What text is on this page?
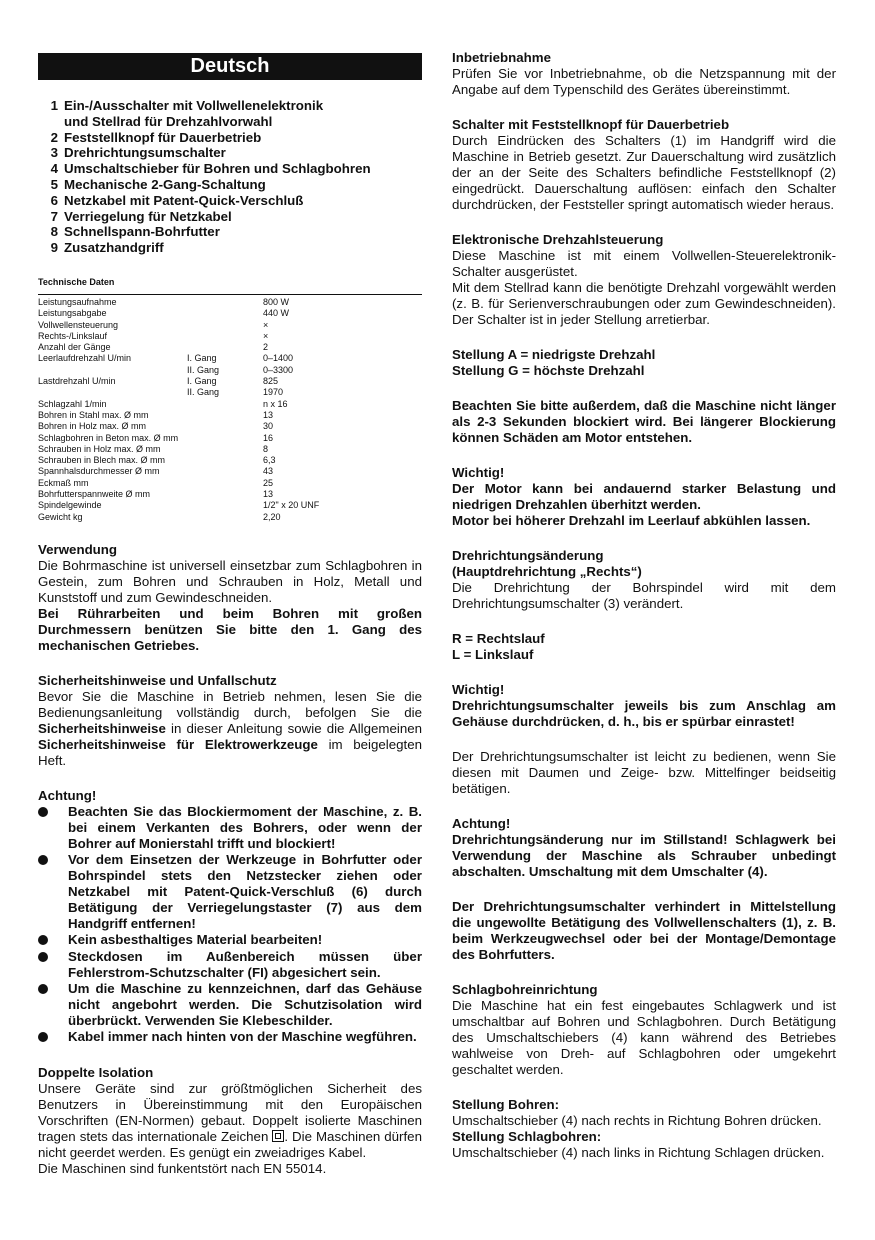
Deutsch
1 Ein-/Ausschalter mit Vollwellenelektronik
und Stellrad für Drehzahlvorwahl
2 Feststellknopf für Dauerbetrieb
3 Drehrichtungsumschalter
4 Umschaltschieber für Bohren und Schlagbohren
5 Mechanische 2-Gang-Schaltung
6 Netzkabel mit Patent-Quick-Verschluß
7 Verriegelung für Netzkabel
8 Schnellspann-Bohrfutter
9 Zusatzhandgriff
Technische Daten
Leistungsaufnahme		800 W
Leistungsabgabe		440 W
Vollwellensteuerung		×
Rechts-/Linkslauf		×
Anzahl der Gänge		2
Leerlaufdrehzahl U/min	I. Gang	0–1400
	II. Gang	0–3300
Lastdrehzahl U/min	I. Gang	825
	II. Gang	1970
Schlagzahl 1/min		n x 16
Bohren in Stahl max. Ø mm		13
Bohren in Holz max. Ø mm		30
Schlagbohren in Beton max. Ø mm		16
Schrauben in Holz max. Ø mm		8
Schrauben in Blech max. Ø mm		6,3
Spannhalsdurchmesser Ø mm		43
Eckmaß mm		25
Bohrfutterspannweite Ø mm		13
Spindelgewinde		1/2" x 20 UNF
Gewicht kg		2,20

Verwendung

Die Bohrmaschine ist universell einsetzbar zum Schlagbohren in Gestein, zum Bohren und Schrauben in Holz, Metall und Kunststoff und zum Gewindeschneiden.

Bei Rührarbeiten und beim Bohren mit großen Durchmessern benützen Sie bitte den 1. Gang des mechanischen Getriebes.

Sicherheitshinweise und Unfallschutz

Bevor Sie die Maschine in Betrieb nehmen, lesen Sie die Bedienungsanleitung vollständig durch, befolgen Sie die Sicherheitshinweise in dieser Anleitung sowie die Allgemeinen Sicherheitshinweise für Elektrowerkzeuge im beigelegten Heft.

Achtung!

Beachten Sie das Blockiermoment der Maschine, z. B. bei einem Verkanten des Bohrers, oder wenn der Bohrer auf Monierstahl trifft und blockiert!
Vor dem Einsetzen der Werkzeuge in Bohrfutter oder Bohrspindel stets den Netzstecker ziehen oder Netzkabel mit Patent-Quick-Verschluß (6) durch Betätigung der Verriegelungstaster (7) aus dem Handgriff entfernen!
Kein asbesthaltiges Material bearbeiten!
Steckdosen im Außenbereich müssen über Fehlerstrom-Schutzschalter (FI) abgesichert sein.
Um die Maschine zu kennzeichnen, darf das Gehäuse nicht angebohrt werden. Die Schutzisolation wird überbrückt. Verwenden Sie Klebeschilder.
Kabel immer nach hinten von der Maschine wegführen.

Doppelte Isolation

Unsere Geräte sind zur größtmöglichen Sicherheit des Benutzers in Übereinstimmung mit den Europäischen Vorschriften (EN-Normen) gebaut. Doppelt isolierte Maschinen tragen stets das internationale Zeichen . Die Maschinen dürfen nicht geerdet werden. Es genügt ein zweiadriges Kabel.

Die Maschinen sind funkentstört nach EN 55014.

Inbetriebnahme

Prüfen Sie vor Inbetriebnahme, ob die Netzspannung mit der Angabe auf dem Typenschild des Gerätes übereinstimmt.

Schalter mit Feststellknopf für Dauerbetrieb

Durch Eindrücken des Schalters (1) im Handgriff wird die Maschine in Betrieb gesetzt. Zur Dauerschaltung wird zusätzlich der an der Seite des Schalters befindliche Feststellknopf (2) eingedrückt. Dauerschaltung auflösen: einfach den Schalter durchdrücken, der Feststeller springt automatisch wieder heraus.

Elektronische Drehzahlsteuerung

Diese Maschine ist mit einem Vollwellen-Steuerelektronik-Schalter ausgerüstet.

Mit dem Stellrad kann die benötigte Drehzahl vorgewählt werden (z. B. für Serienverschraubungen oder zum Gewindeschneiden). Der Schalter ist in jeder Stellung arretierbar.

Stellung A = niedrigste Drehzahl

Stellung G = höchste Drehzahl

Beachten Sie bitte außerdem, daß die Maschine nicht länger als 2-3 Sekunden blockiert wird. Bei längerer Blockierung können Schäden am Motor entstehen.

Wichtig!

Der Motor kann bei andauernd starker Belastung und niedrigen Drehzahlen überhitzt werden.

Motor bei höherer Drehzahl im Leerlauf abkühlen lassen.

Drehrichtungsänderung

(Hauptdrehrichtung „Rechts“)

Die Drehrichtung der Bohrspindel wird mit dem Drehrichtungsumschalter (3) verändert.

R = Rechtslauf

L = Linkslauf

Wichtig!

Drehrichtungsumschalter jeweils bis zum Anschlag am Gehäuse durchdrücken, d. h., bis er spürbar einrastet!

Der Drehrichtungsumschalter ist leicht zu bedienen, wenn Sie diesen mit Daumen und Zeige- bzw. Mittelfinger beidseitig betätigen.

Achtung!

Drehrichtungsänderung nur im Stillstand! Schlagwerk bei Verwendung der Maschine als Schrauber unbedingt abschalten. Umschaltung mit dem Umschalter (4).

Der Drehrichtungsumschalter verhindert in Mittelstellung die ungewollte Betätigung des Vollwellenschalters (1), z. B. beim Werkzeugwechsel oder bei der Montage/Demontage des Bohrfutters.

Schlagbohreinrichtung

Die Maschine hat ein fest eingebautes Schlagwerk und ist umschaltbar auf Bohren und Schlagbohren. Durch Betätigung des Umschaltschiebers (4) kann während des Betriebes wahlweise von Dreh- auf Schlagbohren oder umgekehrt geschaltet werden.

Stellung Bohren:

Umschaltschieber (4) nach rechts in Richtung Bohren drücken.

Stellung Schlagbohren:

Umschaltschieber (4) nach links in Richtung Schlagen drücken.
